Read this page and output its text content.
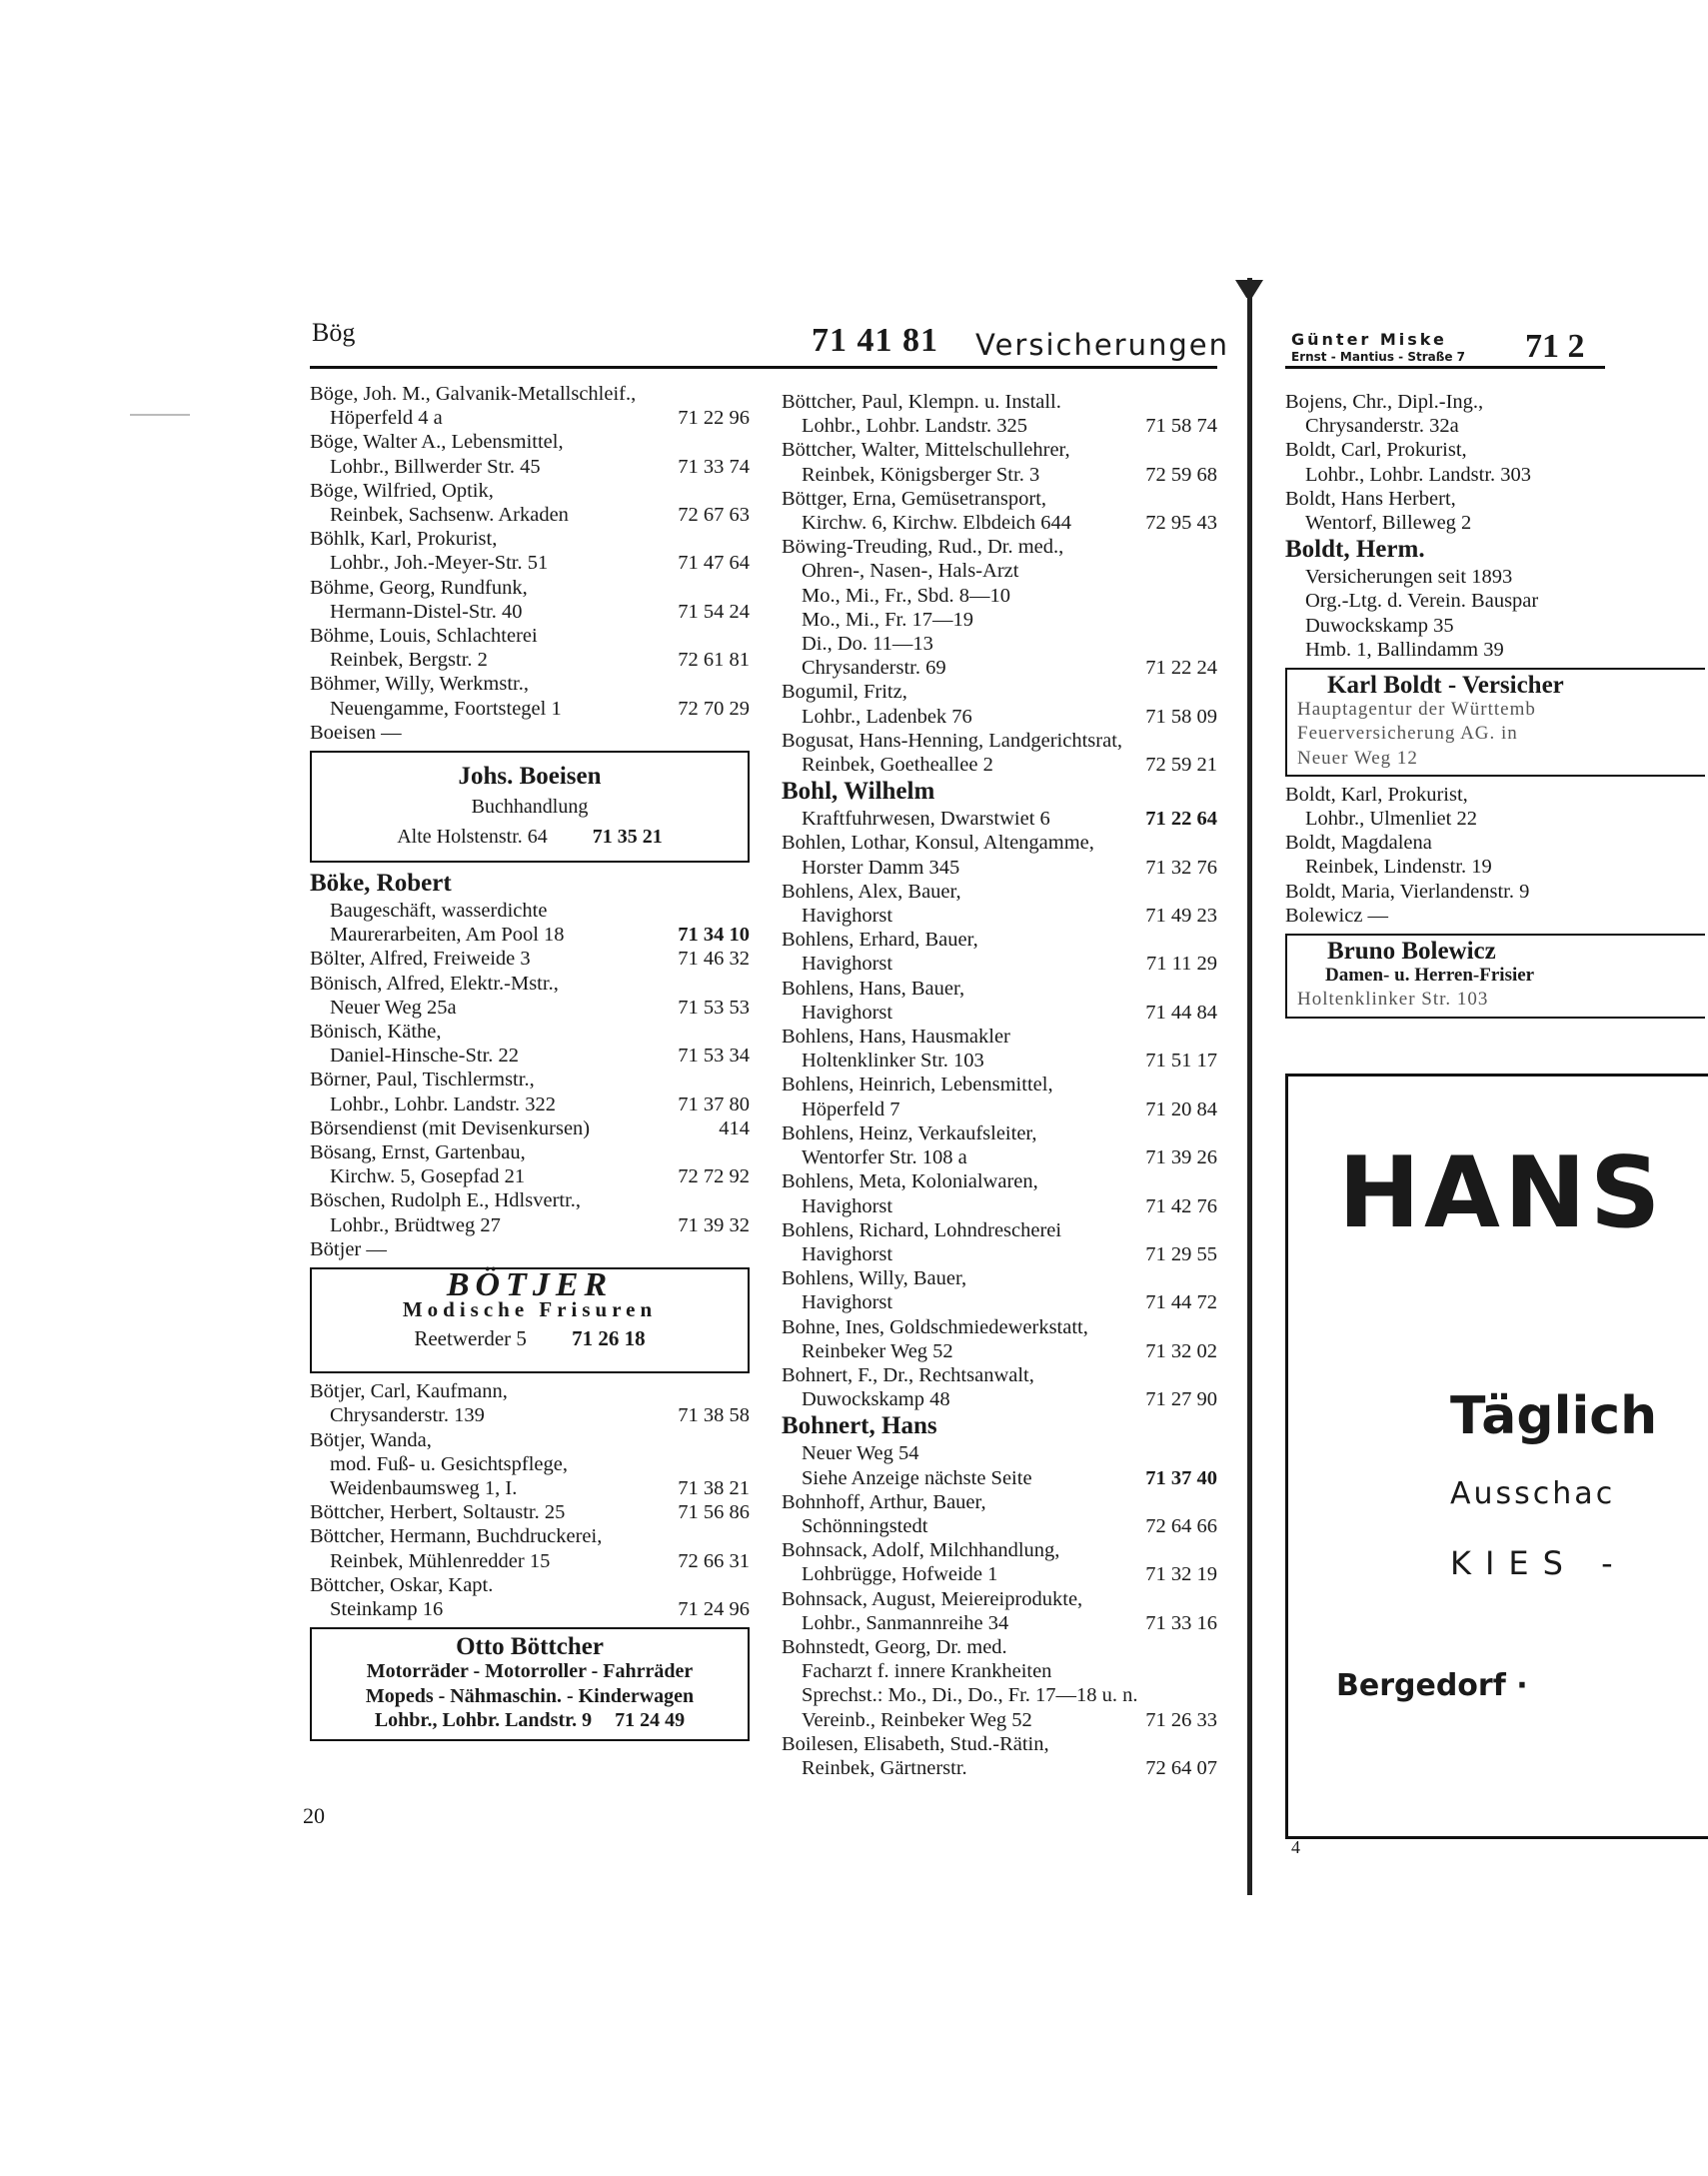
Bög	71 41 81 Versicherungen
Böge, Joh. M., Galvanik-Metallschleif.,
Höperfeld 4 a	71 22 96
Böge, Walter A., Lebensmittel,
Lohbr., Billwerder Str. 45	71 33 74
Böge, Wilfried, Optik,
Reinbek, Sachsenw. Arkaden	72 67 63
Böhlk, Karl, Prokurist,
Lohbr., Joh.-Meyer-Str. 51	71 47 64
Böhme, Georg, Rundfunk,
Hermann-Distel-Str. 40	71 54 24
Böhme, Louis, Schlachterei
Reinbek, Bergstr. 2	72 61 81
Böhmer, Willy, Werkmstr.,
Neuengamme, Foortstegel 1	72 70 29
Boeisen —
Johs. Boeisen
Buchhandlung
Alte Holstenstr. 64 71 35 21
Böke, Robert
Baugeschäft, wasserdichte
Maurerarbeiten, Am Pool 18	71 34 10
Bölter, Alfred, Freiweide 3	71 46 32
Bönisch, Alfred, Elektr.-Mstr.,
Neuer Weg 25a	71 53 53
Bönisch, Käthe,
Daniel-Hinsche-Str. 22	71 53 34
Börner, Paul, Tischlermstr.,
Lohbr., Lohbr. Landstr. 322	71 37 80
Börsendienst (mit Devisenkursen)	414
Bösang, Ernst, Gartenbau,
Kirchw. 5, Gosepfad 21	72 72 92
Böschen, Rudolph E., Hdlsvertr.,
Lohbr., Brüdtweg 27	71 39 32
Bötjer —
BÖTJER
Modische Frisuren
Reetwerder 5 71 26 18
Bötjer, Carl, Kaufmann,
Chrysanderstr. 139	71 38 58
Bötjer, Wanda,
mod. Fuß- u. Gesichtspflege,
Weidenbaumsweg 1, I.	71 38 21
Böttcher, Herbert, Soltaustr. 25	71 56 86
Böttcher, Hermann, Buchdruckerei,
Reinbek, Mühlenredder 15	72 66 31
Böttcher, Oskar, Kapt.
Steinkamp 16	71 24 96
Otto Böttcher
Motorräder - Motorroller - Fahrräder
Mopeds - Nähmaschin. - Kinderwagen
Lohbr., Lohbr. Landstr. 9 71 24 49
Böttcher, Paul, Klempn. u. Install.
Lohbr., Lohbr. Landstr. 325	71 58 74
Böttcher, Walter, Mittelschullehrer,
Reinbek, Königsberger Str. 3	72 59 68
Böttger, Erna, Gemüsetransport,
Kirchw. 6, Kirchw. Elbdeich 644	72 95 43
Böwing-Treuding, Rud., Dr. med.,
Ohren-, Nasen-, Hals-Arzt
Mo., Mi., Fr., Sbd. 8—10
Mo., Mi., Fr. 17—19
Di., Do. 11—13
Chrysanderstr. 69	71 22 24
Bogumil, Fritz,
Lohbr., Ladenbek 76	71 58 09
Bogusat, Hans-Henning, Landgerichtsrat,
Reinbek, Goetheallee 2	72 59 21
Bohl, Wilhelm
Kraftfuhrwesen, Dwarstwiet 6	71 22 64
Bohlen, Lothar, Konsul, Altengamme,
Horster Damm 345	71 32 76
Bohlens, Alex, Bauer,
Havighorst	71 49 23
Bohlens, Erhard, Bauer,
Havighorst	71 11 29
Bohlens, Hans, Bauer,
Havighorst	71 44 84
Bohlens, Hans, Hausmakler
Holtenklinker Str. 103	71 51 17
Bohlens, Heinrich, Lebensmittel,
Höperfeld 7	71 20 84
Bohlens, Heinz, Verkaufsleiter,
Wentorfer Str. 108 a	71 39 26
Bohlens, Meta, Kolonialwaren,
Havighorst	71 42 76
Bohlens, Richard, Lohndrescherei
Havighorst	71 29 55
Bohlens, Willy, Bauer,
Havighorst	71 44 72
Bohne, Ines, Goldschmiedewerkstatt,
Reinbeker Weg 52	71 32 02
Bohnert, F., Dr., Rechtsanwalt,
Duwockskamp 48	71 27 90
Bohnert, Hans
Neuer Weg 54
Siehe Anzeige nächste Seite	71 37 40
Bohnhoff, Arthur, Bauer,
Schönningstedt	72 64 66
Bohnsack, Adolf, Milchhandlung,
Lohbrügge, Hofweide 1	71 32 19
Bohnsack, August, Meiereiprodukte,
Lohbr., Sanmannreihe 34	71 33 16
Bohnstedt, Georg, Dr. med.
Facharzt f. innere Krankheiten
Sprechst.: Mo., Di., Do., Fr. 17—18 u. n.
Vereinb., Reinbeker Weg 52	71 26 33
Boilesen, Elisabeth, Stud.-Rätin,
Reinbek, Gärtnerstr.	72 64 07
20
Günter Miske
Ernst - Mantius - Straße 7 71 2
Bojens, Chr., Dipl.-Ing.,
Chrysanderstr. 32a
Boldt, Carl, Prokurist,
Lohbr., Lohbr. Landstr. 303
Boldt, Hans Herbert,
Wentorf, Billeweg 2
Boldt, Herm.
Versicherungen seit 1893
Org.-Ltg. d. Verein. Bauspar
Duwockskamp 35
Hmb. 1, Ballindamm 39
Karl Boldt - Versicher
Hauptagentur der Württemb
Feuerversicherung AG. in
Neuer Weg 12
Boldt, Karl, Prokurist,
Lohbr., Ulmenliet 22
Boldt, Magdalena
Reinbek, Lindenstr. 19
Boldt, Maria, Vierlandenstr. 9
Bolewicz —
Bruno Bolewicz
Damen- u. Herren-Frisier
Holtenklinker Str. 103
HANS
Täglich
Ausschac
KIES -
Bergedorf ·
4
